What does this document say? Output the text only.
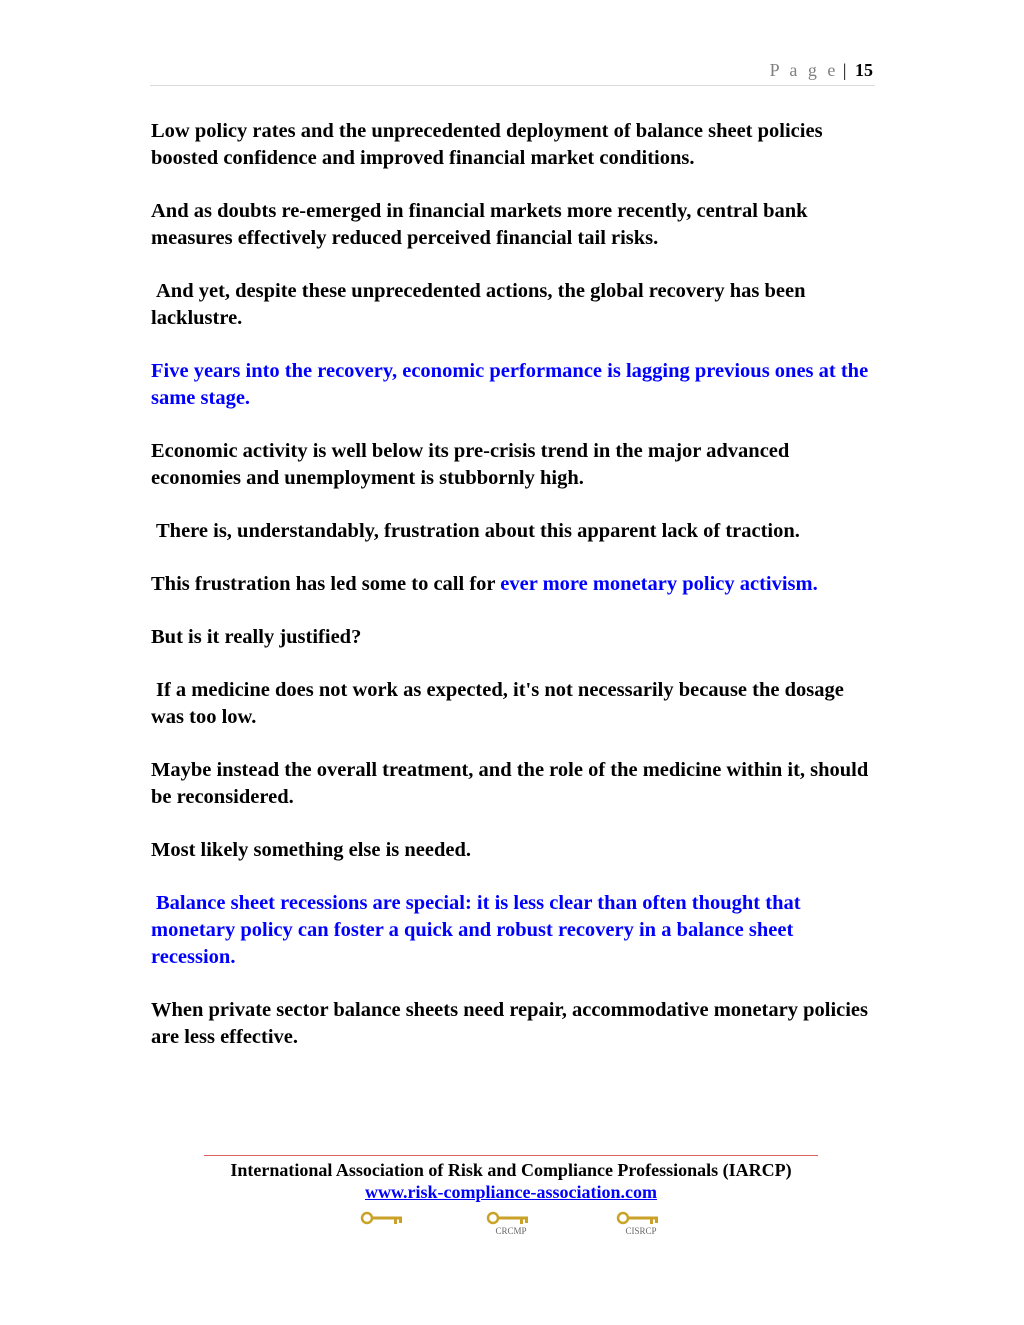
P a g e | 15

Low policy rates and the unprecedented deployment of balance sheet policies boosted confidence and improved financial market conditions.

And as doubts re-emerged in financial markets more recently, central bank measures effectively reduced perceived financial tail risks.

And yet, despite these unprecedented actions, the global recovery has been lacklustre.

Five years into the recovery, economic performance is lagging previous ones at the same stage.

Economic activity is well below its pre-crisis trend in the major advanced economies and unemployment is stubbornly high.

There is, understandably, frustration about this apparent lack of traction.

This frustration has led some to call for ever more monetary policy activism.

But is it really justified?

If a medicine does not work as expected, it's not necessarily because the dosage was too low.

Maybe instead the overall treatment, and the role of the medicine within it, should be reconsidered.

Most likely something else is needed.

Balance sheet recessions are special: it is less clear than often thought that monetary policy can foster a quick and robust recovery in a balance sheet recession.

When private sector balance sheets need repair, accommodative monetary policies are less effective.

International Association of Risk and Compliance Professionals (IARCP)
www.risk-compliance-association.com
CRCMP	CISRCP
